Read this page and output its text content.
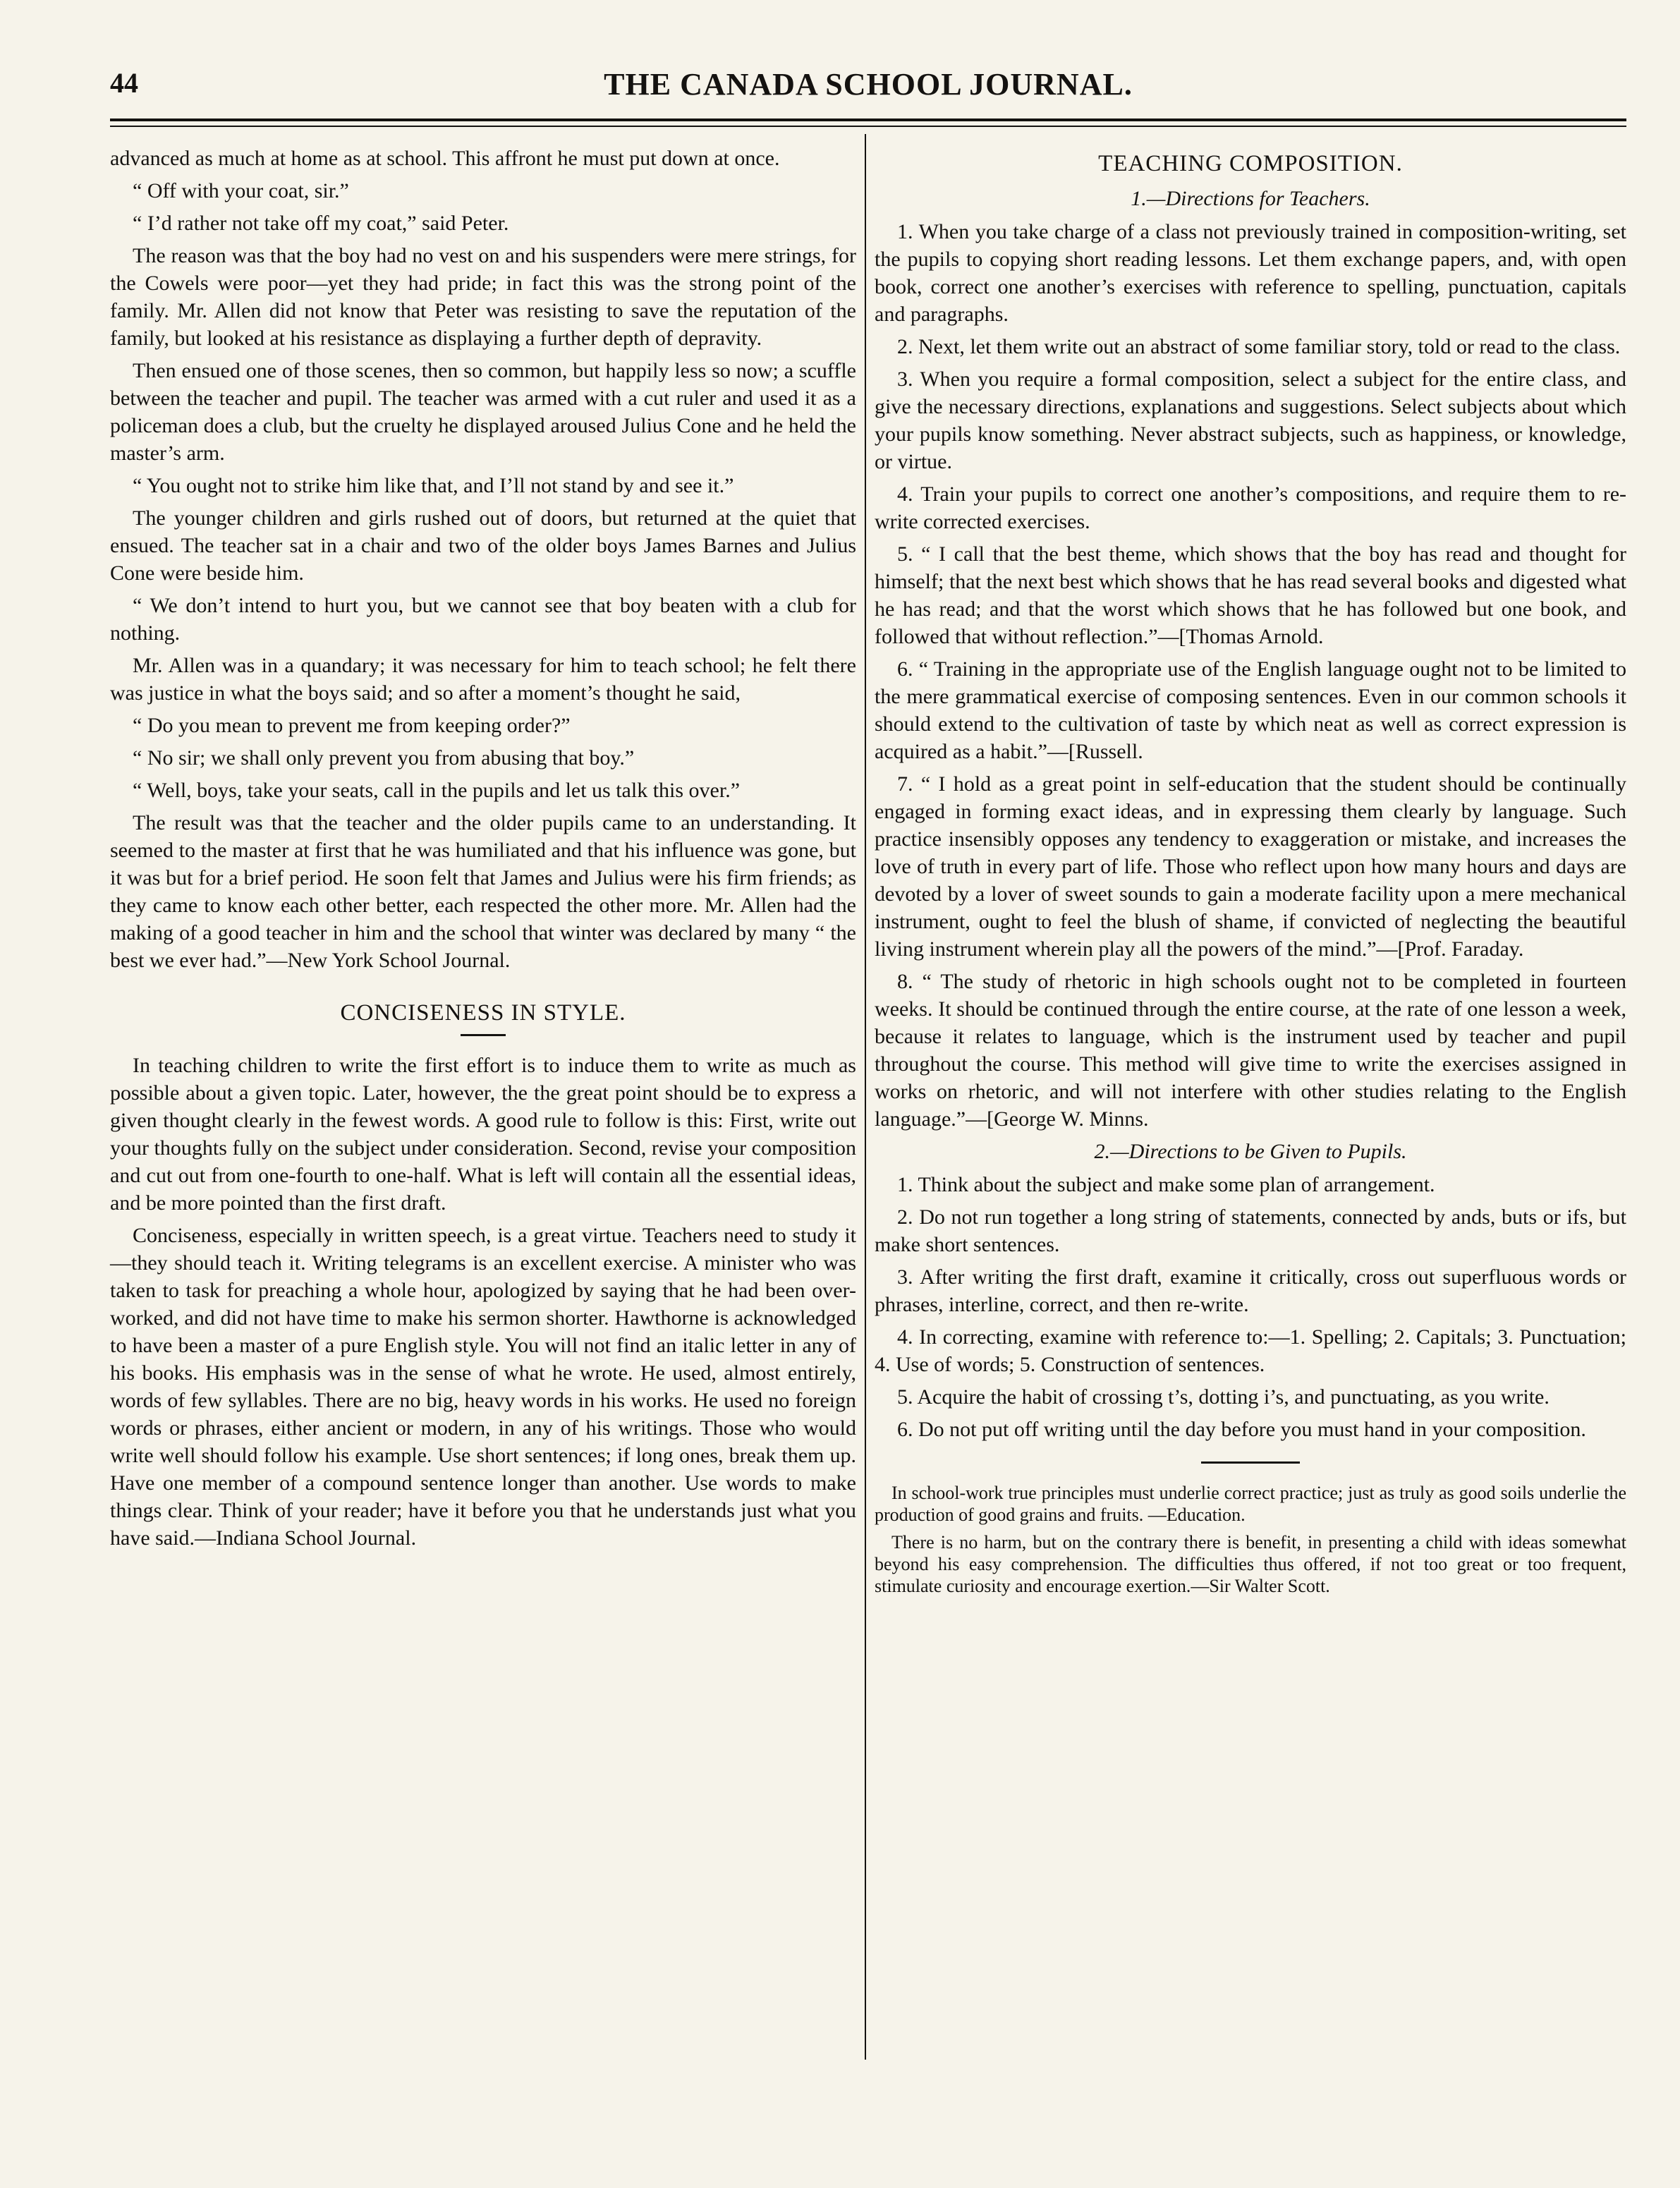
44	THE CANADA SCHOOL JOURNAL.

advanced as much at home as at school. This affront he must put down at once.

“ Off with your coat, sir.”

“ I’d rather not take off my coat,” said Peter.

The reason was that the boy had no vest on and his suspenders were mere strings, for the Cowels were poor—yet they had pride; in fact this was the strong point of the family. Mr. Allen did not know that Peter was resisting to save the reputation of the family, but looked at his resistance as displaying a further depth of depravity.

Then ensued one of those scenes, then so common, but happily less so now; a scuffle between the teacher and pupil. The teacher was armed with a cut ruler and used it as a policeman does a club, but the cruelty he displayed aroused Julius Cone and he held the master’s arm.

“ You ought not to strike him like that, and I’ll not stand by and see it.”

The younger children and girls rushed out of doors, but returned at the quiet that ensued. The teacher sat in a chair and two of the older boys James Barnes and Julius Cone were beside him.

“ We don’t intend to hurt you, but we cannot see that boy beaten with a club for nothing.

Mr. Allen was in a quandary; it was necessary for him to teach school; he felt there was justice in what the boys said; and so after a moment’s thought he said,

“ Do you mean to prevent me from keeping order?”

“ No sir; we shall only prevent you from abusing that boy.”

“ Well, boys, take your seats, call in the pupils and let us talk this over.”

The result was that the teacher and the older pupils came to an understanding. It seemed to the master at first that he was humiliated and that his influence was gone, but it was but for a brief period. He soon felt that James and Julius were his firm friends; as they came to know each other better, each respected the other more. Mr. Allen had the making of a good teacher in him and the school that winter was declared by many “ the best we ever had.”—New York School Journal.

CONCISENESS IN STYLE.

In teaching children to write the first effort is to induce them to write as much as possible about a given topic. Later, however, the the great point should be to express a given thought clearly in the fewest words. A good rule to follow is this: First, write out your thoughts fully on the subject under consideration. Second, revise your composition and cut out from one-fourth to one-half. What is left will contain all the essential ideas, and be more pointed than the first draft.

Conciseness, especially in written speech, is a great virtue. Teachers need to study it—they should teach it. Writing telegrams is an excellent exercise. A minister who was taken to task for preaching a whole hour, apologized by saying that he had been over-worked, and did not have time to make his sermon shorter. Hawthorne is acknowledged to have been a master of a pure English style. You will not find an italic letter in any of his books. His emphasis was in the sense of what he wrote. He used, almost entirely, words of few syllables. There are no big, heavy words in his works. He used no foreign words or phrases, either ancient or modern, in any of his writings. Those who would write well should follow his example. Use short sentences; if long ones, break them up. Have one member of a compound sentence longer than another. Use words to make things clear. Think of your reader; have it before you that he understands just what you have said.—Indiana School Journal.

TEACHING COMPOSITION.
1.—Directions for Teachers.

1. When you take charge of a class not previously trained in composition-writing, set the pupils to copying short reading lessons. Let them exchange papers, and, with open book, correct one another’s exercises with reference to spelling, punctuation, capitals and paragraphs.

2. Next, let them write out an abstract of some familiar story, told or read to the class.

3. When you require a formal composition, select a subject for the entire class, and give the necessary directions, explanations and suggestions. Select subjects about which your pupils know something. Never abstract subjects, such as happiness, or knowledge, or virtue.

4. Train your pupils to correct one another’s compositions, and require them to re-write corrected exercises.

5. “ I call that the best theme, which shows that the boy has read and thought for himself; that the next best which shows that he has read several books and digested what he has read; and that the worst which shows that he has followed but one book, and followed that without reflection.”—[Thomas Arnold.

6. “ Training in the appropriate use of the English language ought not to be limited to the mere grammatical exercise of composing sentences. Even in our common schools it should extend to the cultivation of taste by which neat as well as correct expression is acquired as a habit.”—[Russell.

7. “ I hold as a great point in self-education that the student should be continually engaged in forming exact ideas, and in expressing them clearly by language. Such practice insensibly opposes any tendency to exaggeration or mistake, and increases the love of truth in every part of life. Those who reflect upon how many hours and days are devoted by a lover of sweet sounds to gain a moderate facility upon a mere mechanical instrument, ought to feel the blush of shame, if convicted of neglecting the beautiful living instrument wherein play all the powers of the mind.”—[Prof. Faraday.

8. “ The study of rhetoric in high schools ought not to be completed in fourteen weeks. It should be continued through the entire course, at the rate of one lesson a week, because it relates to language, which is the instrument used by teacher and pupil throughout the course. This method will give time to write the exercises assigned in works on rhetoric, and will not interfere with other studies relating to the English language.”—[George W. Minns.

2.—Directions to be Given to Pupils.

1. Think about the subject and make some plan of arrangement.

2. Do not run together a long string of statements, connected by ands, buts or ifs, but make short sentences.

3. After writing the first draft, examine it critically, cross out superfluous words or phrases, interline, correct, and then re-write.

4. In correcting, examine with reference to:—1. Spelling; 2. Capitals; 3. Punctuation; 4. Use of words; 5. Construction of sentences.

5. Acquire the habit of crossing t’s, dotting i’s, and punctuating, as you write.

6. Do not put off writing until the day before you must hand in your composition.

In school-work true principles must underlie correct practice; just as truly as good soils underlie the production of good grains and fruits. —Education.

There is no harm, but on the contrary there is benefit, in presenting a child with ideas somewhat beyond his easy comprehension. The difficulties thus offered, if not too great or too frequent, stimulate curiosity and encourage exertion.—Sir Walter Scott.
